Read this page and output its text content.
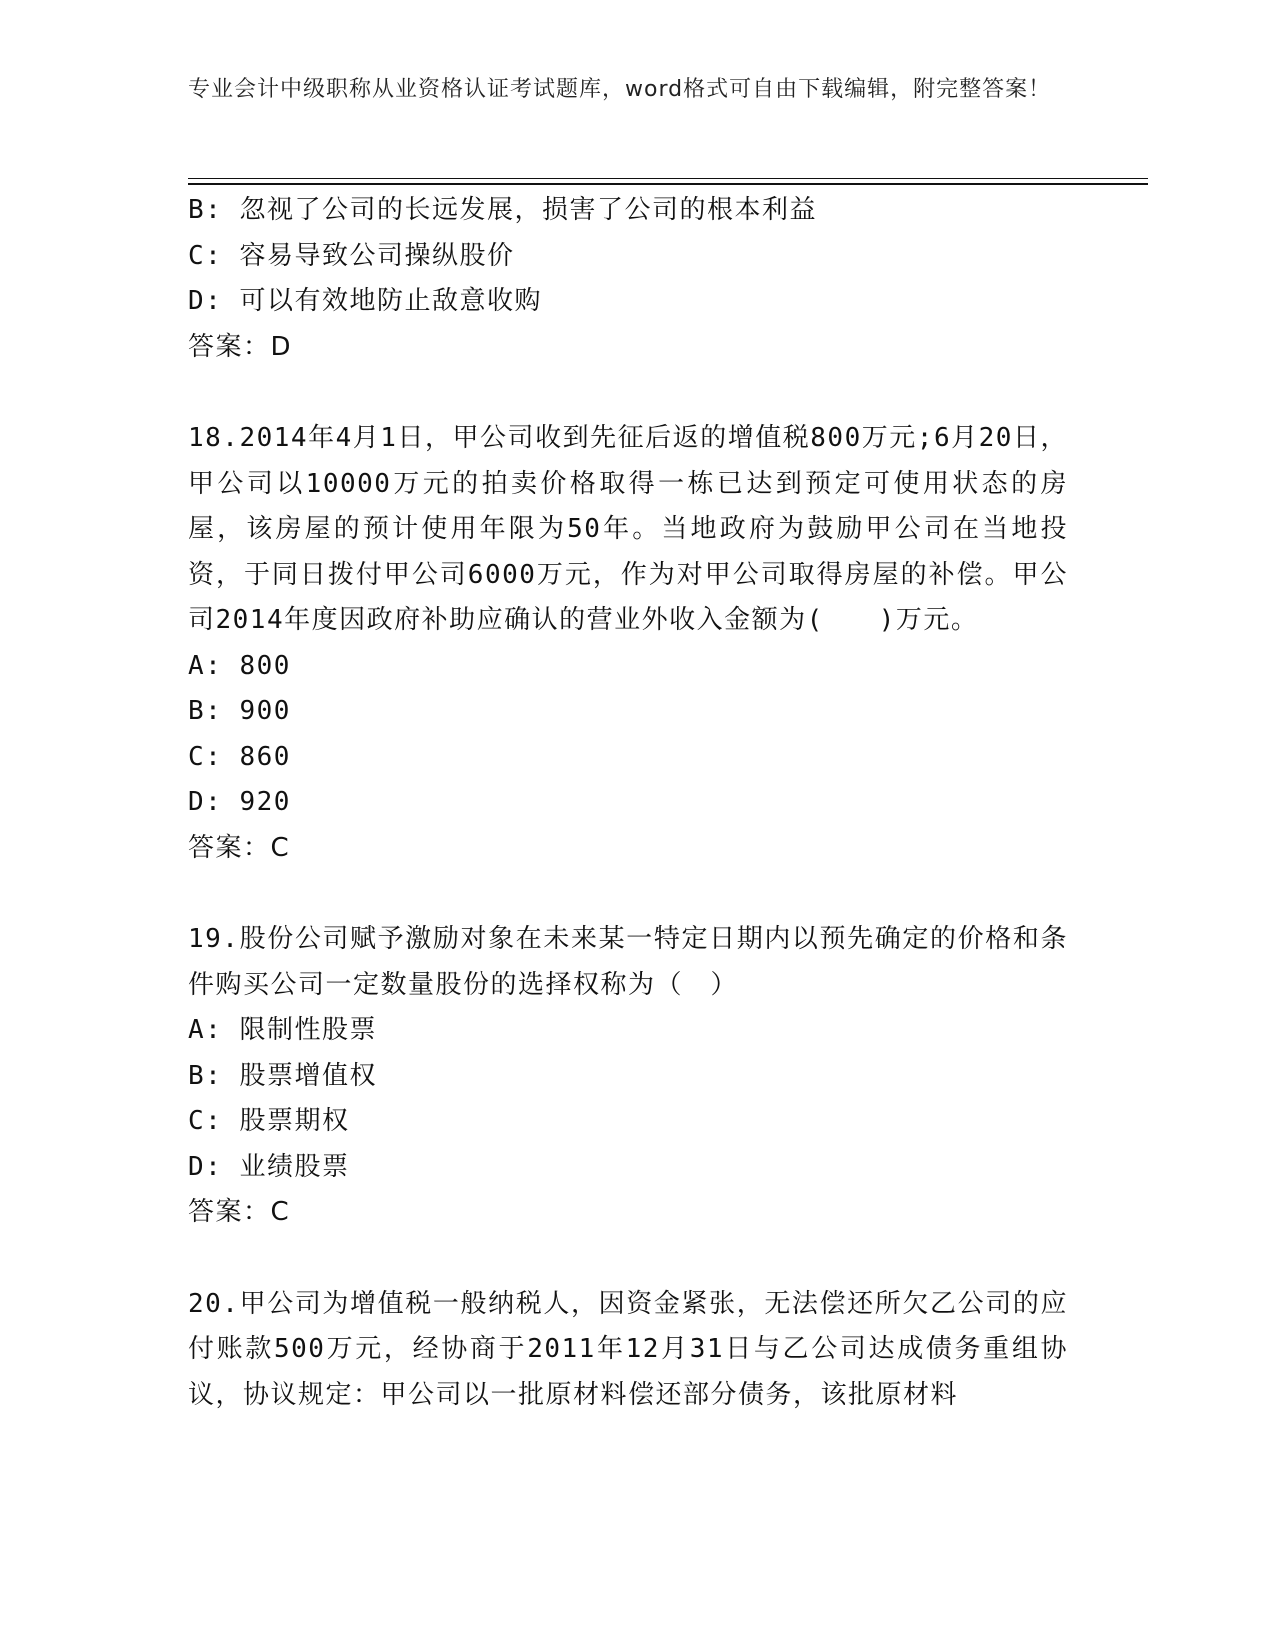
专业会计中级职称从业资格认证考试题库，word格式可自由下载编辑，附完整答案！

B: 忽视了公司的长远发展，损害了公司的根本利益

C: 容易导致公司操纵股价

D: 可以有效地防止敌意收购

答案：D

18.2014年4月1日，甲公司收到先征后返的增值税800万元;6月20日，甲公司以10000万元的拍卖价格取得一栋已达到预定可使用状态的房屋，该房屋的预计使用年限为50年。当地政府为鼓励甲公司在当地投资，于同日拨付甲公司6000万元，作为对甲公司取得房屋的补偿。甲公司2014年度因政府补助应确认的营业外收入金额为(　　)万元。

A: 800

B: 900

C: 860

D: 920

答案：C

19.股份公司赋予激励对象在未来某一特定日期内以预先确定的价格和条件购买公司一定数量股份的选择权称为（　）

A: 限制性股票

B: 股票增值权

C: 股票期权

D: 业绩股票

答案：C

20.甲公司为增值税一般纳税人，因资金紧张，无法偿还所欠乙公司的应付账款500万元，经协商于2011年12月31日与乙公司达成债务重组协议，协议规定：甲公司以一批原材料偿还部分债务，该批原材料
